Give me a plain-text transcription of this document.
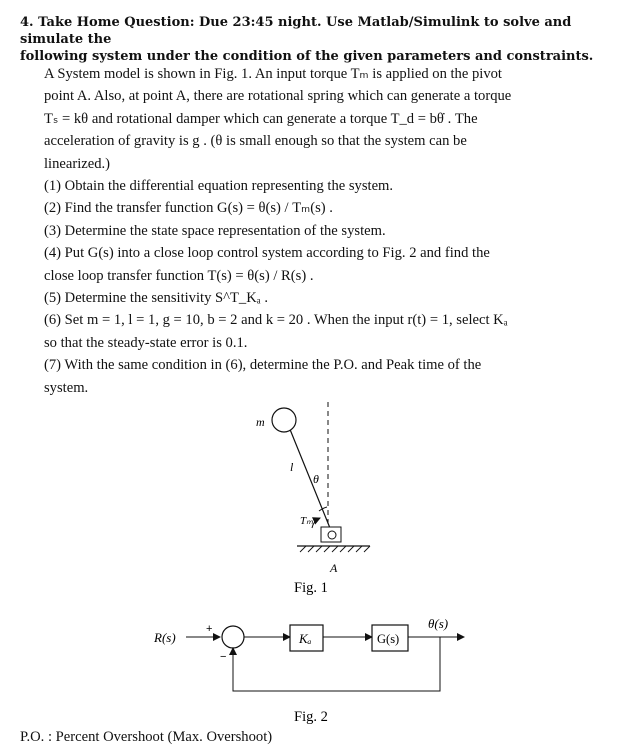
4. Take Home Question: Due 23:45 night. Use Matlab/Simulink to solve and simulate the
following system under the condition of the given parameters and constraints.

A System model is shown in Fig. 1. An input torque Tₘ is applied on the pivot

point A. Also, at point A, there are rotational spring which can generate a torque

Tₛ = kθ and rotational damper which can generate a torque T_d = bθ̇ . The

acceleration of gravity is g . (θ is small enough so that the system can be

linearized.)

(1) Obtain the differential equation representing the system.

(2) Find the transfer function G(s) = θ(s) / Tₘ(s) .

(3) Determine the state space representation of the system.

(4) Put G(s) into a close loop control system according to Fig. 2 and find the

close loop transfer function T(s) = θ(s) / R(s) .

(5) Determine the sensitivity S^T_Kₐ .

(6) Set m = 1, l = 1, g = 10, b = 2 and k = 20 . When the input r(t) = 1, select Kₐ

so that the steady-state error is 0.1.

(7) With the same condition in (6), determine the P.O. and Peak time of the

system.

m
l
θ
Tₘ
A
Fig. 1
R(s)
+
−
Kₐ	G(s)
θ(s)
Fig. 2
P.O. : Percent Overshoot (Max. Overshoot)
